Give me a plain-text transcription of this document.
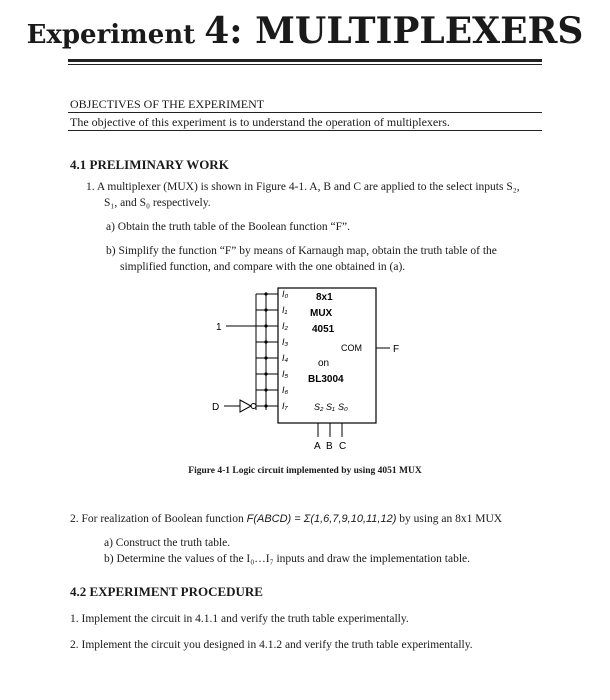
Experiment 4: MULTIPLEXERS
OBJECTIVES OF THE EXPERIMENT
The objective of this experiment is to understand the operation of multiplexers.
4.1 PRELIMINARY WORK
1. A multiplexer (MUX) is shown in Figure 4-1. A, B and C are applied to the select inputs S₂,
S₁, and S₀ respectively.
a) Obtain the truth table of the Boolean function “F”.
b) Simplify the function “F” by means of Karnaugh map, obtain the truth table of the
simplified function, and compare with the one obtained in (a).
1
D
I₀
I₁
I₂
I₃
I₄
I₅
I₆
I₇
8x1
MUX
4051
on
BL3004
COM	F
S₂ S₁ S₀
A B C
Figure 4-1 Logic circuit implemented by using 4051 MUX
2. For realization of Boolean function F(ABCD) = Σ(1,6,7,9,10,11,12) by using an 8x1 MUX
a) Construct the truth table.
b) Determine the values of the I₀…I₇ inputs and draw the implementation table.
4.2 EXPERIMENT PROCEDURE
1. Implement the circuit in 4.1.1 and verify the truth table experimentally.
2. Implement the circuit you designed in 4.1.2 and verify the truth table experimentally.
